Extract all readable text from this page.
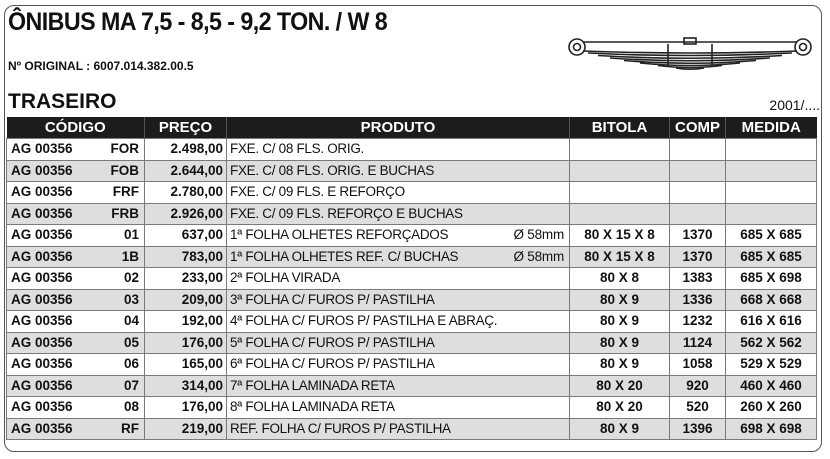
ÔNIBUS MA 7,5 - 8,5 - 9,2 TON. / W 8
Nº ORIGINAL : 6007.014.382.00.5
TRASEIRO	2001/....
CÓDIGO	PREÇO	PRODUTO	BITOLA	COMP	MEDIDA

AG 00356 FOR	2.498,00	FXE. C/ 08 FLS. ORIG.

AG 00356 FOB	2.644,00	FXE. C/ 08 FLS. ORIG. E BUCHAS

AG 00356 FRF	2.780,00	FXE. C/ 09 FLS. E REFORÇO

AG 00356 FRB	2.926,00	FXE. C/ 09 FLS. REFORÇO E BUCHAS

AG 00356 01	637,00	1ª FOLHA OLHETES REFORÇADOS Ø 58mm	80 X 15 X 8	1370	685 X 685

AG 00356 1B	783,00	1ª FOLHA OLHETES REF. C/ BUCHAS Ø 58mm	80 X 15 X 8	1370	685 X 685

AG 00356 02	233,00	2ª FOLHA VIRADA	80 X 8	1383	685 X 698

AG 00356 03	209,00	3ª FOLHA C/ FUROS P/ PASTILHA	80 X 9	1336	668 X 668

AG 00356 04	192,00	4ª FOLHA C/ FUROS P/ PASTILHA E ABRAÇ.	80 X 9	1232	616 X 616

AG 00356 05	176,00	5ª FOLHA C/ FUROS P/ PASTILHA	80 X 9	1124	562 X 562

AG 00356 06	165,00	6ª FOLHA C/ FUROS P/ PASTILHA	80 X 9	1058	529 X 529

AG 00356 07	314,00	7ª FOLHA LAMINADA RETA	80 X 20	920	460 X 460

AG 00356 08	176,00	8ª FOLHA LAMINADA RETA	80 X 20	520	260 X 260

AG 00356 RF	219,00	REF. FOLHA C/ FUROS P/ PASTILHA	80 X 9	1396	698 X 698
